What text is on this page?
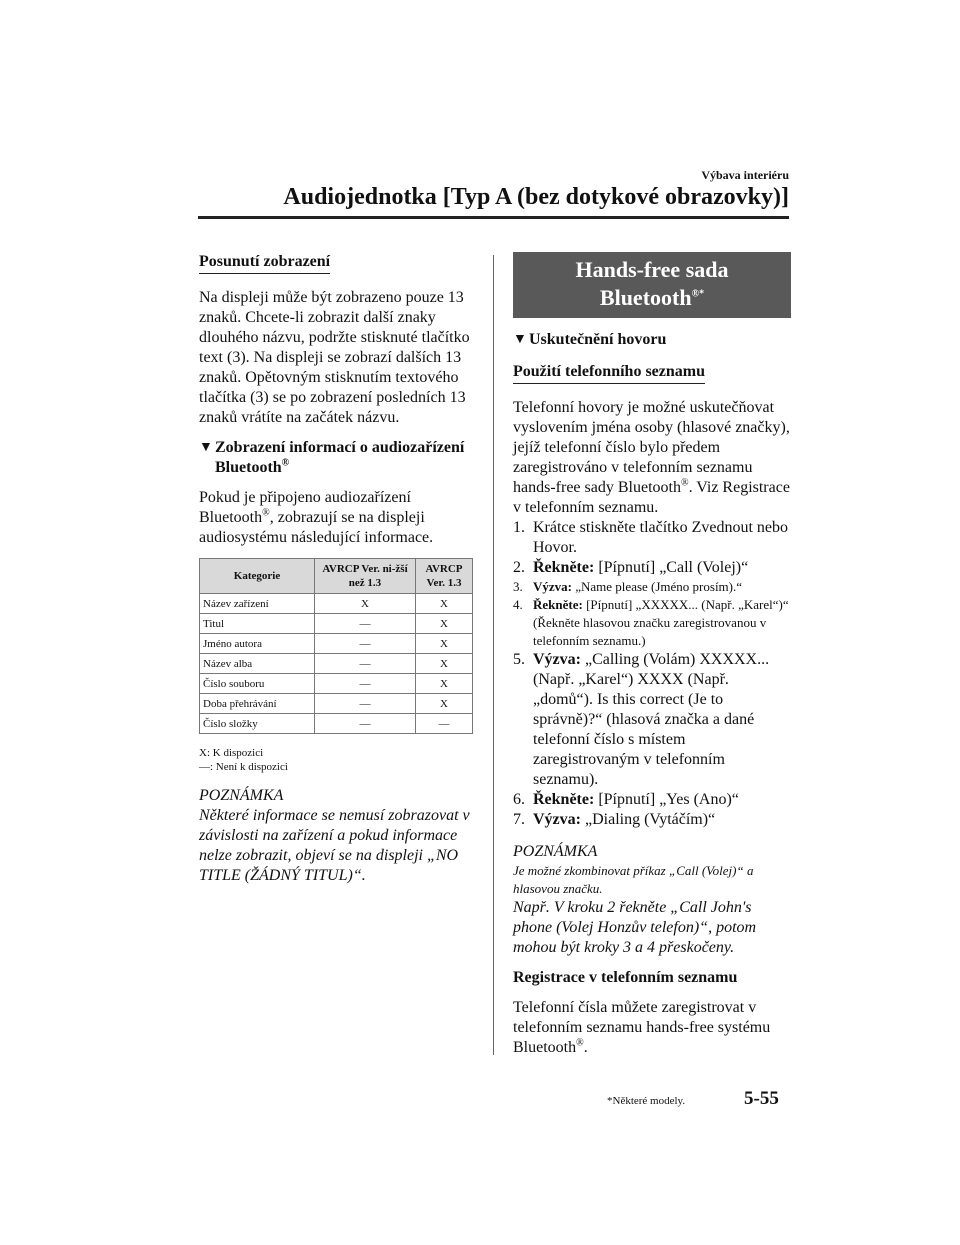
Výbava interiéru
Audiojednotka [Typ A (bez dotykové obrazovky)]

Posunutí zobrazení

Na displeji může být zobrazeno pouze 13 znaků. Chcete-li zobrazit další znaky dlouhého názvu, podržte stisknuté tlačítko text (3). Na displeji se zobrazí dalších 13 znaků. Opětovným stisknutím textového tlačítka (3) se po zobrazení posledních 13 znaků vrátíte na začátek názvu.

▼ Zobrazení informací o audiozařízení Bluetooth®

Pokud je připojeno audiozařízení Bluetooth®, zobrazují se na displeji audiosystému následující informace.

Kategorie	AVRCP Ver. ni-žší než 1.3	AVRCP Ver. 1.3
Název zařízení	X	X
Titul	—	X
Jméno autora	—	X
Název alba	—	X
Číslo souboru	—	X
Doba přehrávání	—	X
Číslo složky	—	—
X: K dispozici
—: Není k dispozici

POZNÁMKA

Některé informace se nemusí zobrazovat v závislosti na zařízení a pokud informace nelze zobrazit, objeví se na displeji „NO TITLE (ŽÁDNÝ TITUL)“.

Hands-free sada
Bluetooth®*

▼ Uskutečnění hovoru

Použití telefonního seznamu

Telefonní hovory je možné uskutečňovat vyslovením jména osoby (hlasové značky), jejíž telefonní číslo bylo předem zaregistrováno v telefonním seznamu hands-free sady Bluetooth®. Viz Registrace v telefonním seznamu.

1. Krátce stiskněte tlačítko Zvednout nebo Hovor.
2. Řekněte: [Pípnutí] „Call (Volej)“
3. Výzva: „Name please (Jméno prosím).“
4. Řekněte: [Pípnutí] „XXXXX... (Např. „Karel“)“ (Řekněte hlasovou značku zaregistrovanou v telefonním seznamu.)
5. Výzva: „Calling (Volám) XXXXX... (Např. „Karel“) XXXX (Např. „domů“). Is this correct (Je to správně)?“ (hlasová značka a dané telefonní číslo s místem zaregistrovaným v telefonním seznamu).
6. Řekněte: [Pípnutí] „Yes (Ano)“
7. Výzva: „Dialing (Vytáčím)“

POZNÁMKA

Je možné zkombinovat příkaz „Call (Volej)“ a hlasovou značku.

Např. V kroku 2 řekněte „Call John's phone (Volej Honzův telefon)“, potom mohou být kroky 3 a 4 přeskočeny.

Registrace v telefonním seznamu

Telefonní čísla můžete zaregistrovat v telefonním seznamu hands-free systému Bluetooth®.

*Některé modely.	5-55
